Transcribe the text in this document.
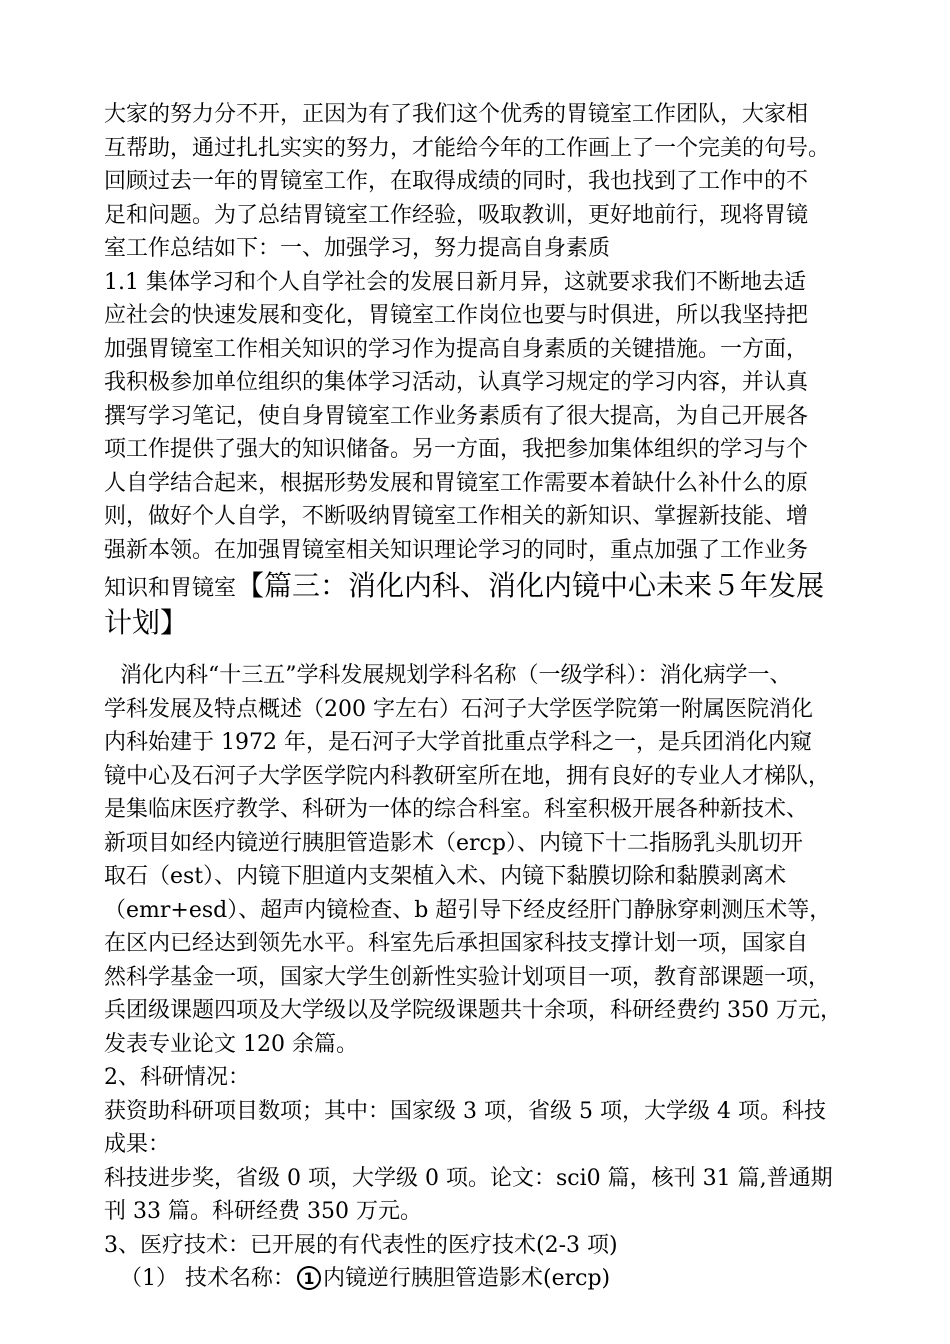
大家的努力分不开，正因为有了我们这个优秀的胃镜室工作团队，大家相
互帮助，通过扎扎实实的努力，才能给今年的工作画上了一个完美的句号。
回顾过去一年的胃镜室工作，在取得成绩的同时，我也找到了工作中的不
足和问题。为了总结胃镜室工作经验，吸取教训，更好地前行，现将胃镜
室工作总结如下：一、加强学习，努力提高自身素质
1.1 集体学习和个人自学社会的发展日新月异，这就要求我们不断地去适
应社会的快速发展和变化，胃镜室工作岗位也要与时俱进，所以我坚持把
加强胃镜室工作相关知识的学习作为提高自身素质的关键措施。一方面，
我积极参加单位组织的集体学习活动，认真学习规定的学习内容，并认真
撰写学习笔记，使自身胃镜室工作业务素质有了很大提高，为自己开展各
项工作提供了强大的知识储备。另一方面，我把参加集体组织的学习与个
人自学结合起来，根据形势发展和胃镜室工作需要本着缺什么补什么的原
则，做好个人自学，不断吸纳胃镜室工作相关的新知识、掌握新技能、增
强新本领。在加强胃镜室相关知识理论学习的同时，重点加强了工作业务
知识和胃镜室【篇三：消化内科、消化内镜中心未来５年发展
计划】
消化内科“十三五”学科发展规划学科名称（一级学科）：消化病学一、
学科发展及特点概述（200 字左右）石河子大学医学院第一附属医院消化
内科始建于 1972 年，是石河子大学首批重点学科之一，是兵团消化内窥
镜中心及石河子大学医学院内科教研室所在地，拥有良好的专业人才梯队，
是集临床医疗教学、科研为一体的综合科室。科室积极开展各种新技术、
新项目如经内镜逆行胰胆管造影术（ercp）、内镜下十二指肠乳头肌切开
取石（est）、内镜下胆道内支架植入术、内镜下黏膜切除和黏膜剥离术
（emr+esd）、超声内镜检查、b 超引导下经皮经肝门静脉穿刺测压术等，
在区内已经达到领先水平。科室先后承担国家科技支撑计划一项，国家自
然科学基金一项，国家大学生创新性实验计划项目一项，教育部课题一项，
兵团级课题四项及大学级以及学院级课题共十余项，科研经费约 350 万元，
发表专业论文 120 余篇。
2、科研情况：
获资助科研项目数项；其中：国家级 3 项，省级 5 项，大学级 4 项。科技
成果：
科技进步奖，省级 0 项，大学级 0 项。论文：sci0 篇，核刊 31 篇,普通期
刊 33 篇。科研经费 350 万元。
3、医疗技术：已开展的有代表性的医疗技术(2-3 项)
（1） 技术名称： 1 内镜逆行胰胆管造影术(ercp)
